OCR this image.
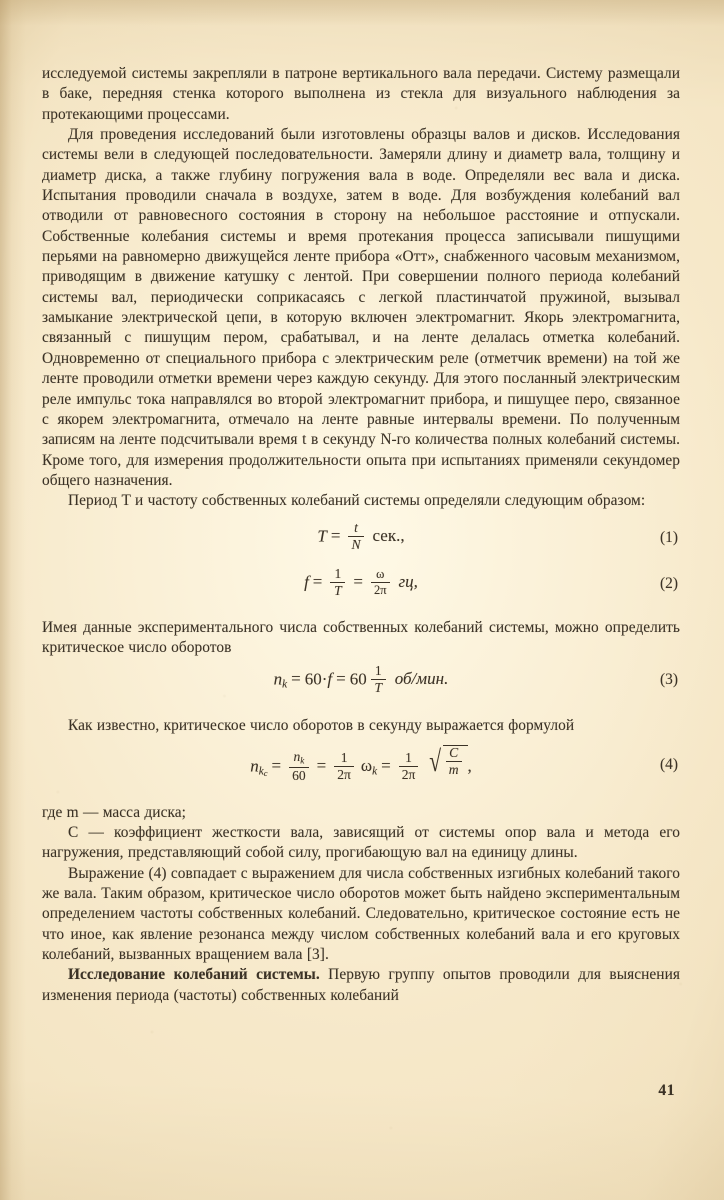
исследуемой системы закрепляли в патроне вертикального вала передачи. Систему размещали в баке, передняя стенка которого выполнена из стекла для визуального наблюдения за протекающими процессами.

Для проведения исследований были изготовлены образцы валов и дисков. Исследования системы вели в следующей последовательности. Замеряли длину и диаметр вала, толщину и диаметр диска, а также глубину погружения вала в воде. Определяли вес вала и диска. Испытания проводили сначала в воздухе, затем в воде. Для возбуждения колебаний вал отводили от равновесного состояния в сторону на небольшое расстояние и отпускали. Собственные колебания системы и время протекания процесса записывали пишущими перьями на равномерно движущейся ленте прибора «Отт», снабженного часовым механизмом, приводящим в движение катушку с лентой. При совершении полного периода колебаний системы вал, периодически соприкасаясь с легкой пластинчатой пружиной, вызывал замыкание электрической цепи, в которую включен электромагнит. Якорь электромагнита, связанный с пишущим пером, срабатывал, и на ленте делалась отметка колебаний. Одновременно от специального прибора с электрическим реле (отметчик времени) на той же ленте проводили отметки времени через каждую секунду. Для этого посланный электрическим реле импульс тока направлялся во второй электромагнит прибора, и пишущее перо, связанное с якорем электромагнита, отмечало на ленте равные интервалы времени. По полученным записям на ленте подсчитывали время t в секунду N-го количества полных колебаний системы. Кроме того, для измерения продолжительности опыта при испытаниях применяли секундомер общего назначения.

Период T и частоту собственных колебаний системы определяли следующим образом:

$T = \frac{t}{N}$ сек.,	(1)
$f = \frac{1}{T} = \frac{\omega}{2\pi}$ гц,	(2)

Имея данные экспериментального числа собственных колебаний системы, можно определить критическое число оборотов

$n_k = 60\cdot f = 60 \frac{1}{T} об/мин$.	(3)

Как известно, критическое число оборотов в секунду выражается формулой

$n_{kc} = \frac{n_k}{60} = \frac{1}{2\pi} \omega_k = \frac{1}{2\pi}$ √ $\frac{C}{m}$ ,	(4)

где m — масса диска;

C — коэффициент жесткости вала, зависящий от системы опор вала и метода его нагружения, представляющий собой силу, прогибающую вал на единицу длины.

Выражение (4) совпадает с выражением для числа собственных изгибных колебаний такого же вала. Таким образом, критическое число оборотов может быть найдено экспериментальным определением частоты собственных колебаний. Следовательно, критическое состояние есть не что иное, как явление резонанса между числом собственных колебаний вала и его круговых колебаний, вызванных вращением вала [3].

Исследование колебаний системы. Первую группу опытов проводили для выяснения изменения периода (частоты) собственных колебаний

41
